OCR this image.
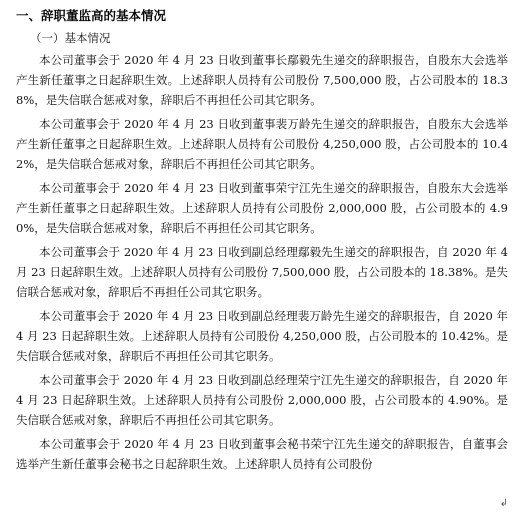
一、辞职董监高的基本情况
（一）基本情况

本公司董事会于 2020 年 4 月 23 日收到董事长鄢毅先生递交的辞职报告，自股东大会选举产生新任董事之日起辞职生效。上述辞职人员持有公司股份 7,500,000 股，占公司股本的 18.38%，是失信联合惩戒对象，辞职后不再担任公司其它职务。

本公司董事会于 2020 年 4 月 23 日收到董事裴万龄先生递交的辞职报告，自股东大会选举产生新任董事之日起辞职生效。上述辞职人员持有公司股份 4,250,000 股，占公司股本的 10.42%，是失信联合惩戒对象，辞职后不再担任公司其它职务。

本公司董事会于 2020 年 4 月 23 日收到董事荣宁江先生递交的辞职报告，自股东大会选举产生新任董事之日起辞职生效。上述辞职人员持有公司股份 2,000,000 股，占公司股本的 4.90%，是失信联合惩戒对象，辞职后不再担任公司其它职务。

本公司董事会于 2020 年 4 月 23 日收到副总经理鄢毅先生递交的辞职报告，自 2020 年 4 月 23 日起辞职生效。上述辞职人员持有公司股份 7,500,000 股，占公司股本的 18.38%。是失信联合惩戒对象，辞职后不再担任公司其它职务。

本公司董事会于 2020 年 4 月 23 日收到副总经理裴万龄先生递交的辞职报告，自 2020 年 4 月 23 日起辞职生效。上述辞职人员持有公司股份 4,250,000 股，占公司股本的 10.42%。是失信联合惩戒对象，辞职后不再担任公司其它职务。

本公司董事会于 2020 年 4 月 23 日收到副总经理荣宁江先生递交的辞职报告，自 2020 年 4 月 23 日起辞职生效。上述辞职人员持有公司股份 2,000,000 股，占公司股本的 4.90%。是失信联合惩戒对象，辞职后不再担任公司其它职务。

本公司董事会于 2020 年 4 月 23 日收到董事会秘书荣宁江先生递交的辞职报告，自董事会选举产生新任董事会秘书之日起辞职生效。上述辞职人员持有公司股份

↲
